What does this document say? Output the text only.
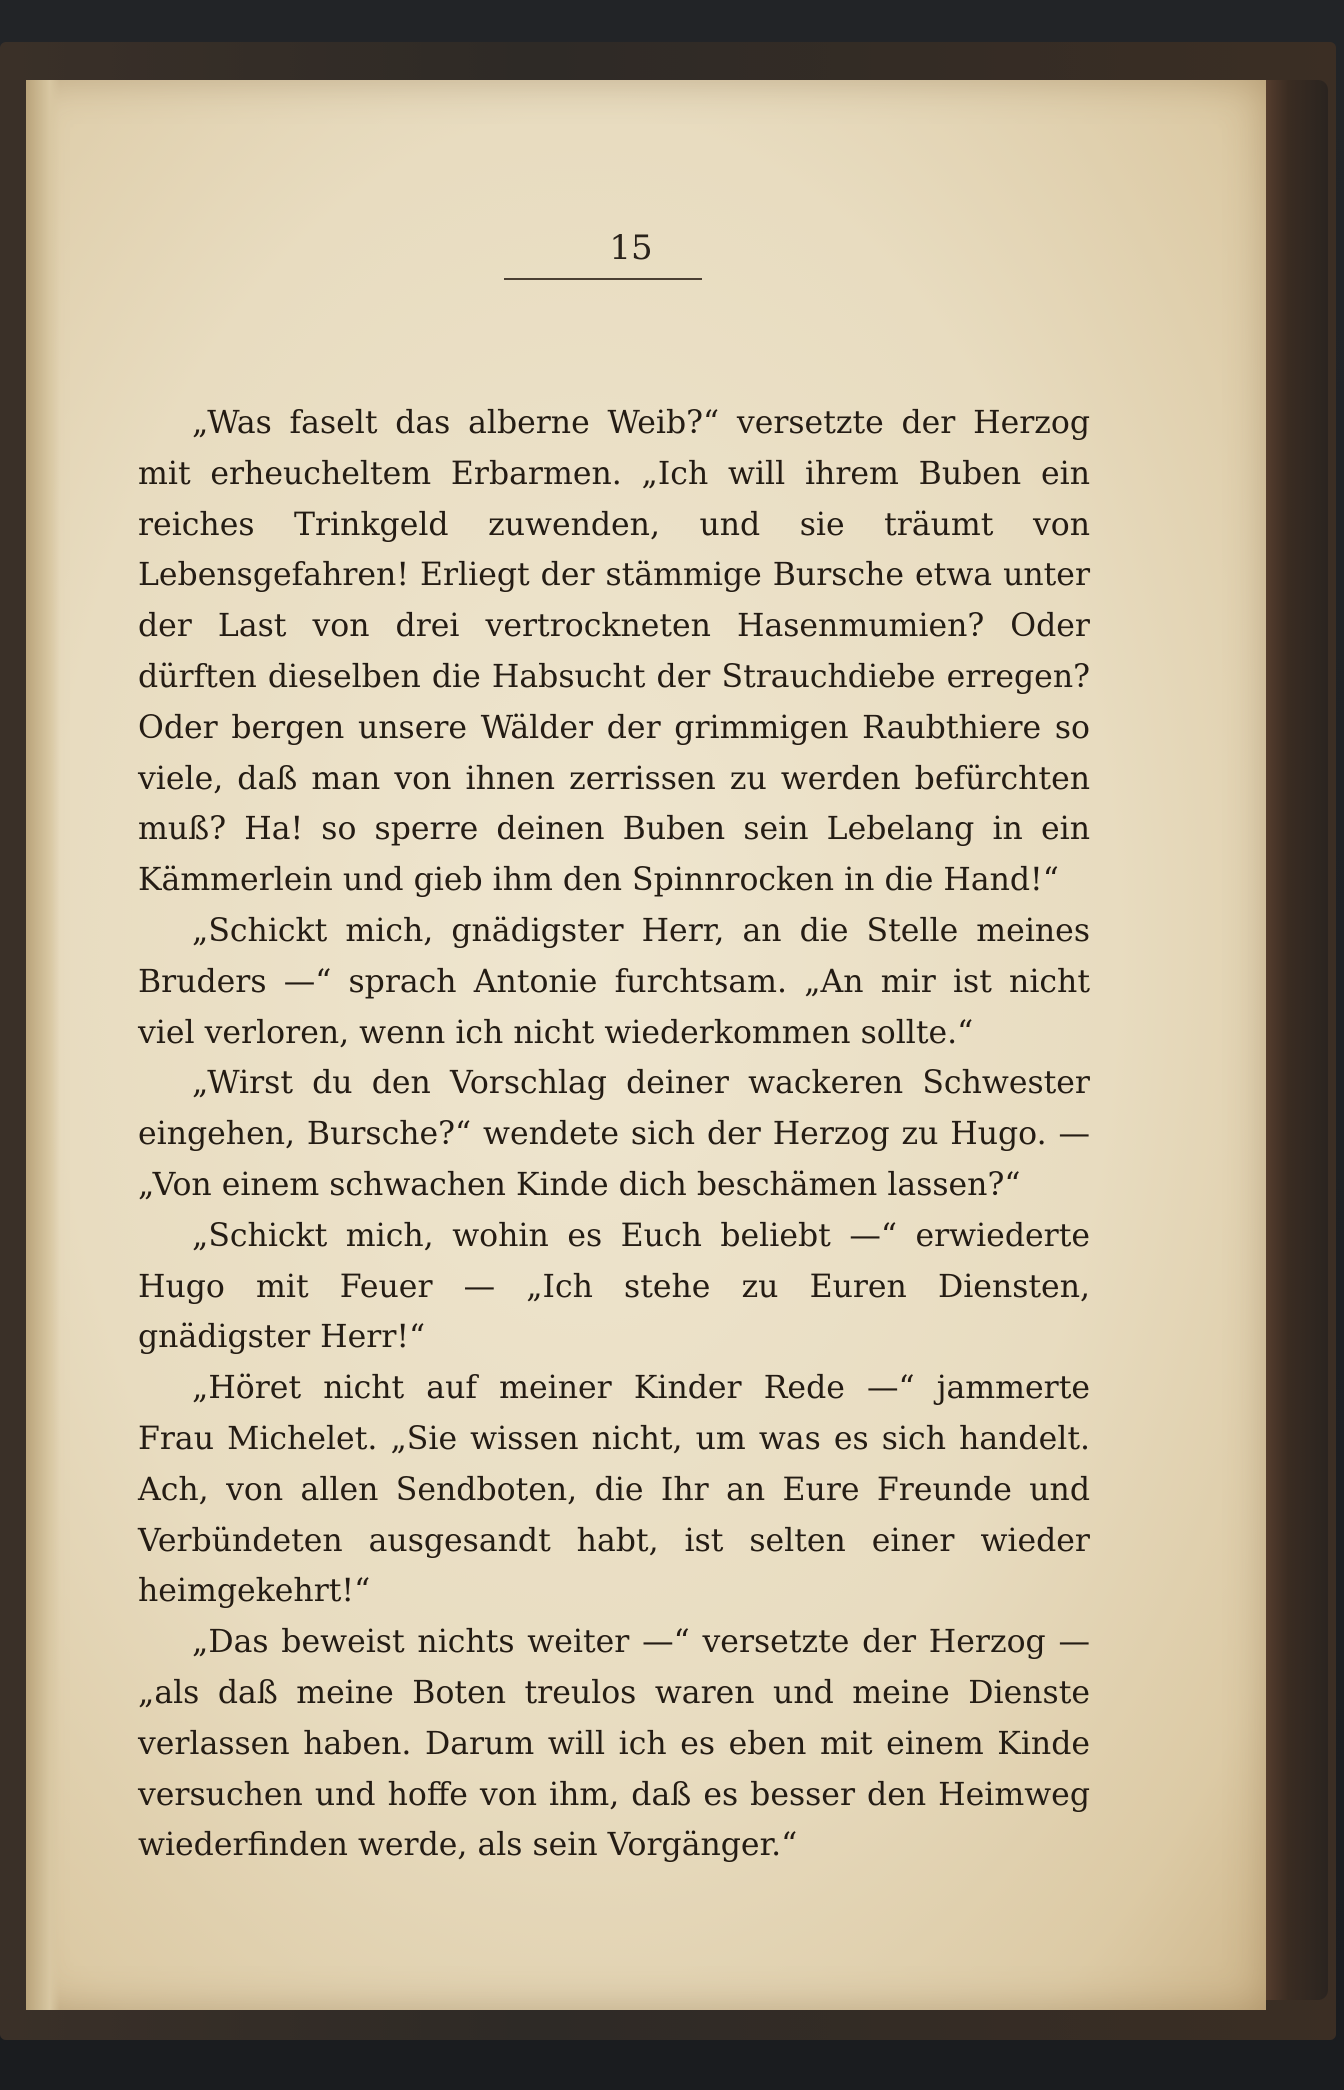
15

„Was faselt das alberne Weib?“ versetzte der Herzog mit erheucheltem Erbarmen. „Ich will ihrem Buben ein reiches Trinkgeld zuwenden, und sie träumt von Lebensgefahren! Erliegt der stämmige Bursche etwa unter der Last von drei vertrockneten Hasenmumien? Oder dürften dieselben die Habsucht der Strauchdiebe erregen? Oder bergen unsere Wälder der grimmigen Raubthiere so viele, daß man von ihnen zerrissen zu werden befürchten muß? Ha! so sperre deinen Buben sein Lebelang in ein Kämmerlein und gieb ihm den Spinnrocken in die Hand!“

„Schickt mich, gnädigster Herr, an die Stelle meines Bruders —“ sprach Antonie furchtsam. „An mir ist nicht viel verloren, wenn ich nicht wiederkommen sollte.“

„Wirst du den Vorschlag deiner wackeren Schwester eingehen, Bursche?“ wendete sich der Herzog zu Hugo. — „Von einem schwachen Kinde dich beschämen lassen?“

„Schickt mich, wohin es Euch beliebt —“ erwiederte Hugo mit Feuer — „Ich stehe zu Euren Diensten, gnädigster Herr!“

„Höret nicht auf meiner Kinder Rede —“ jammerte Frau Michelet. „Sie wissen nicht, um was es sich handelt. Ach, von allen Sendboten, die Ihr an Eure Freunde und Verbündeten ausgesandt habt, ist selten einer wieder heimgekehrt!“

„Das beweist nichts weiter —“ versetzte der Herzog — „als daß meine Boten treulos waren und meine Dienste verlassen haben. Darum will ich es eben mit einem Kinde versuchen und hoffe von ihm, daß es besser den Heimweg wiederfinden werde, als sein Vorgänger.“
